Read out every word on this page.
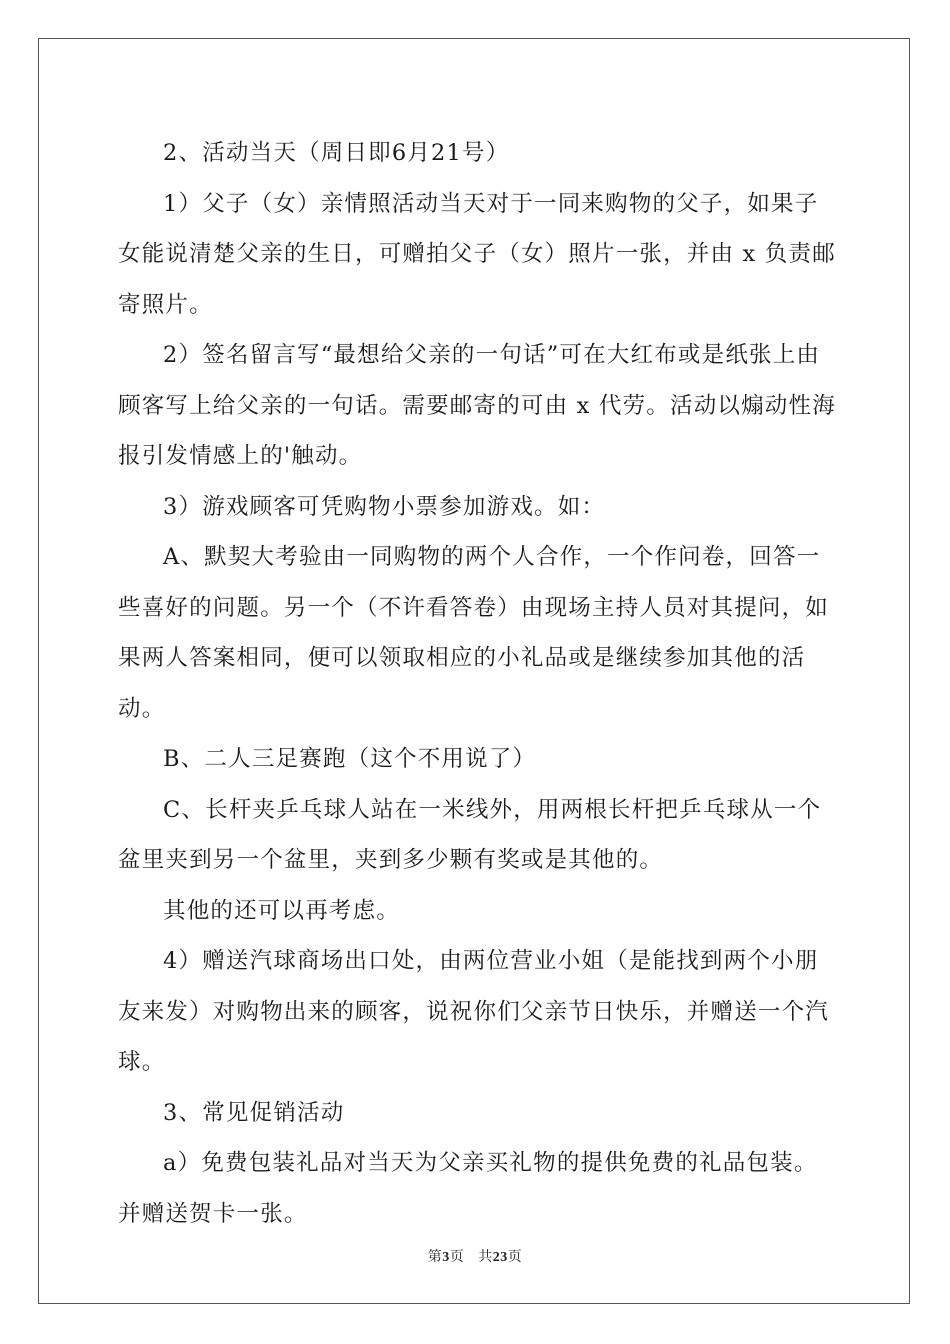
2、活动当天（周日即6月21号）

1）父子（女）亲情照活动当天对于一同来购物的父子，如果子女能说清楚父亲的生日，可赠拍父子（女）照片一张，并由 x 负责邮寄照片。

2）签名留言写“最想给父亲的一句话”可在大红布或是纸张上由顾客写上给父亲的一句话。需要邮寄的可由 x 代劳。活动以煽动性海报引发情感上的'触动。

3）游戏顾客可凭购物小票参加游戏。如：

A、默契大考验由一同购物的两个人合作，一个作问卷，回答一些喜好的问题。另一个（不许看答卷）由现场主持人员对其提问，如果两人答案相同，便可以领取相应的小礼品或是继续参加其他的活动。

B、二人三足赛跑（这个不用说了）

C、长杆夹乒乓球人站在一米线外，用两根长杆把乒乓球从一个盆里夹到另一个盆里，夹到多少颗有奖或是其他的。

其他的还可以再考虑。

4）赠送汽球商场出口处，由两位营业小姐（是能找到两个小朋友来发）对购物出来的顾客，说祝你们父亲节日快乐，并赠送一个汽球。

3、常见促销活动

a）免费包装礼品对当天为父亲买礼物的提供免费的礼品包装。并赠送贺卡一张。

第3页 共23页
